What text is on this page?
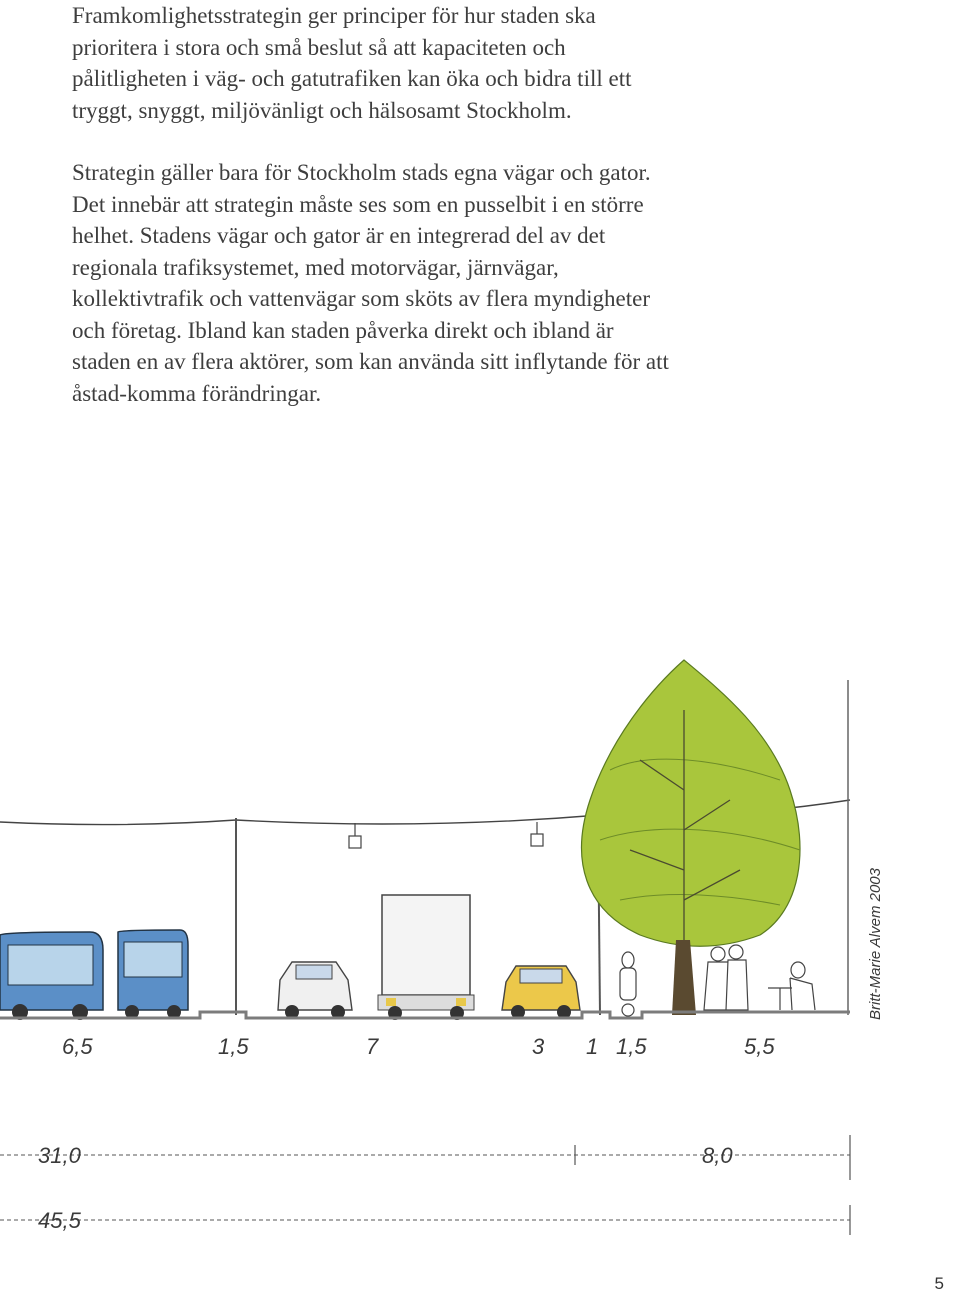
Framkomlighetsstrategin ger principer för hur staden ska prioritera i stora och små beslut så att kapaciteten och pålitligheten i väg- och gatutrafiken kan öka och bidra till ett tryggt, snyggt, miljövänligt och hälsosamt Stockholm.

Strategin gäller bara för Stockholm stads egna vägar och gator. Det innebär att strategin måste ses som en pusselbit i en större helhet. Stadens vägar och gator är en integrerad del av det regionala trafiksystemet, med motorvägar, järnvägar, kollektivtrafik och vattenvägar som sköts av flera myndigheter och företag. Ibland kan staden påverka direkt och ibland är staden en av flera aktörer, som kan använda sitt inflytande för att åstad-komma förändringar.

Britt-Marie Alvem 2003
6,5	1,5	7	3 1 1,5	5,5
31,0	8,0
45,5
5
